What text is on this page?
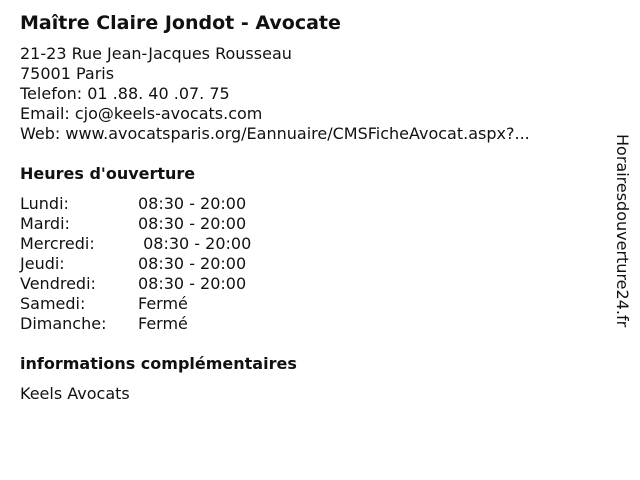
Maître Claire Jondot - Avocate
21-23 Rue Jean-Jacques Rousseau
75001 Paris
Telefon: 01 .88. 40 .07. 75
Email: cjo@keels-avocats.com
Web: www.avocatsparis.org/Eannuaire/CMSFicheAvocat.aspx?...
Heures d'ouverture
Lundi:	08:30 - 20:00
Mardi:	08:30 - 20:00
Mercredi:	08:30 - 20:00
Jeudi:	08:30 - 20:00
Vendredi:	08:30 - 20:00
Samedi:	Fermé
Dimanche:	Fermé
informations complémentaires
Keels Avocats
Horairesdouverture24.fr
